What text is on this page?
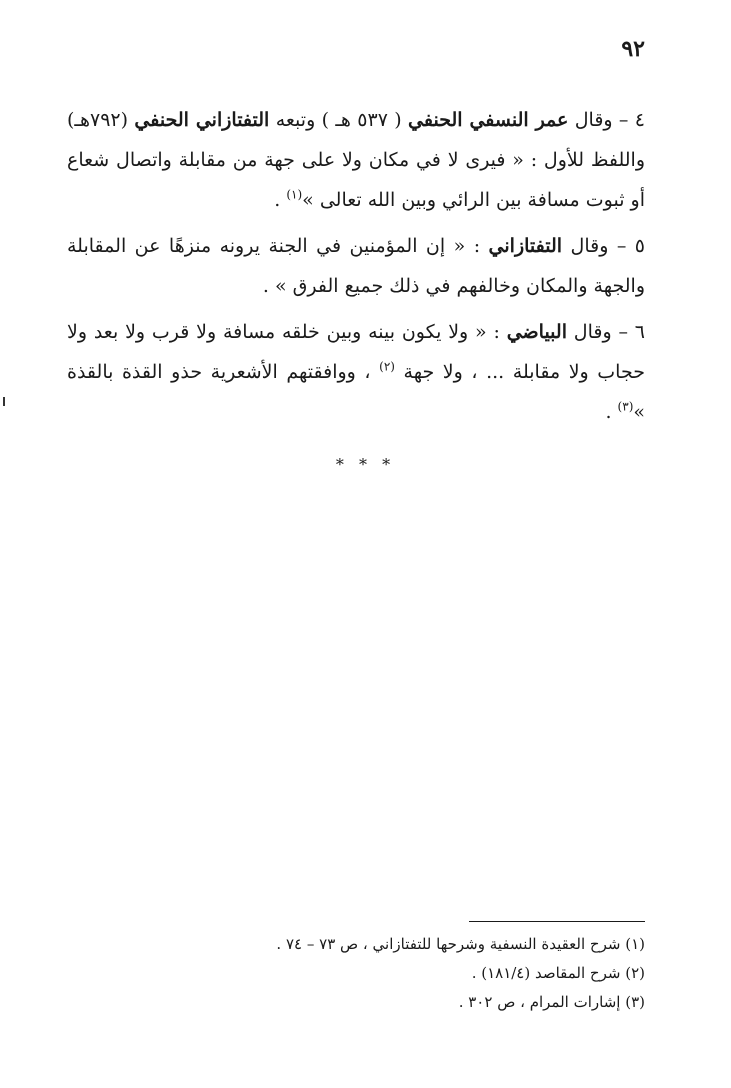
٩٢

٤ – وقال عمر النسفي الحنفي ( ٥٣٧ هـ ) وتبعه التفتازاني الحنفي (٧٩٢هـ) واللفظ للأول : « فيرى لا في مكان ولا على جهة من مقابلة واتصال شعاع أو ثبوت مسافة بين الرائي وبين الله تعالى »$^{(١)}$ .

٥ – وقال التفتازاني : « إن المؤمنين في الجنة يرونه منزهًا عن المقابلة والجهة والمكان وخالفهم في ذلك جميع الفرق » .

٦ – وقال البياضي : « ولا يكون بينه وبين خلقه مسافة ولا قرب ولا بعد ولا حجاب ولا مقابلة ... ، ولا جهة $^{(٢)}$ ، ووافقتهم الأشعرية حذو القذة بالقذة »$^{(٣)}$ .

* * *

(١) شرح العقيدة النسفية وشرحها للتفتازاني ، ص ٧٣ – ٧٤ .

(٢) شرح المقاصد (١٨١/٤) .

(٣) إشارات المرام ، ص ٣٠٢ .
